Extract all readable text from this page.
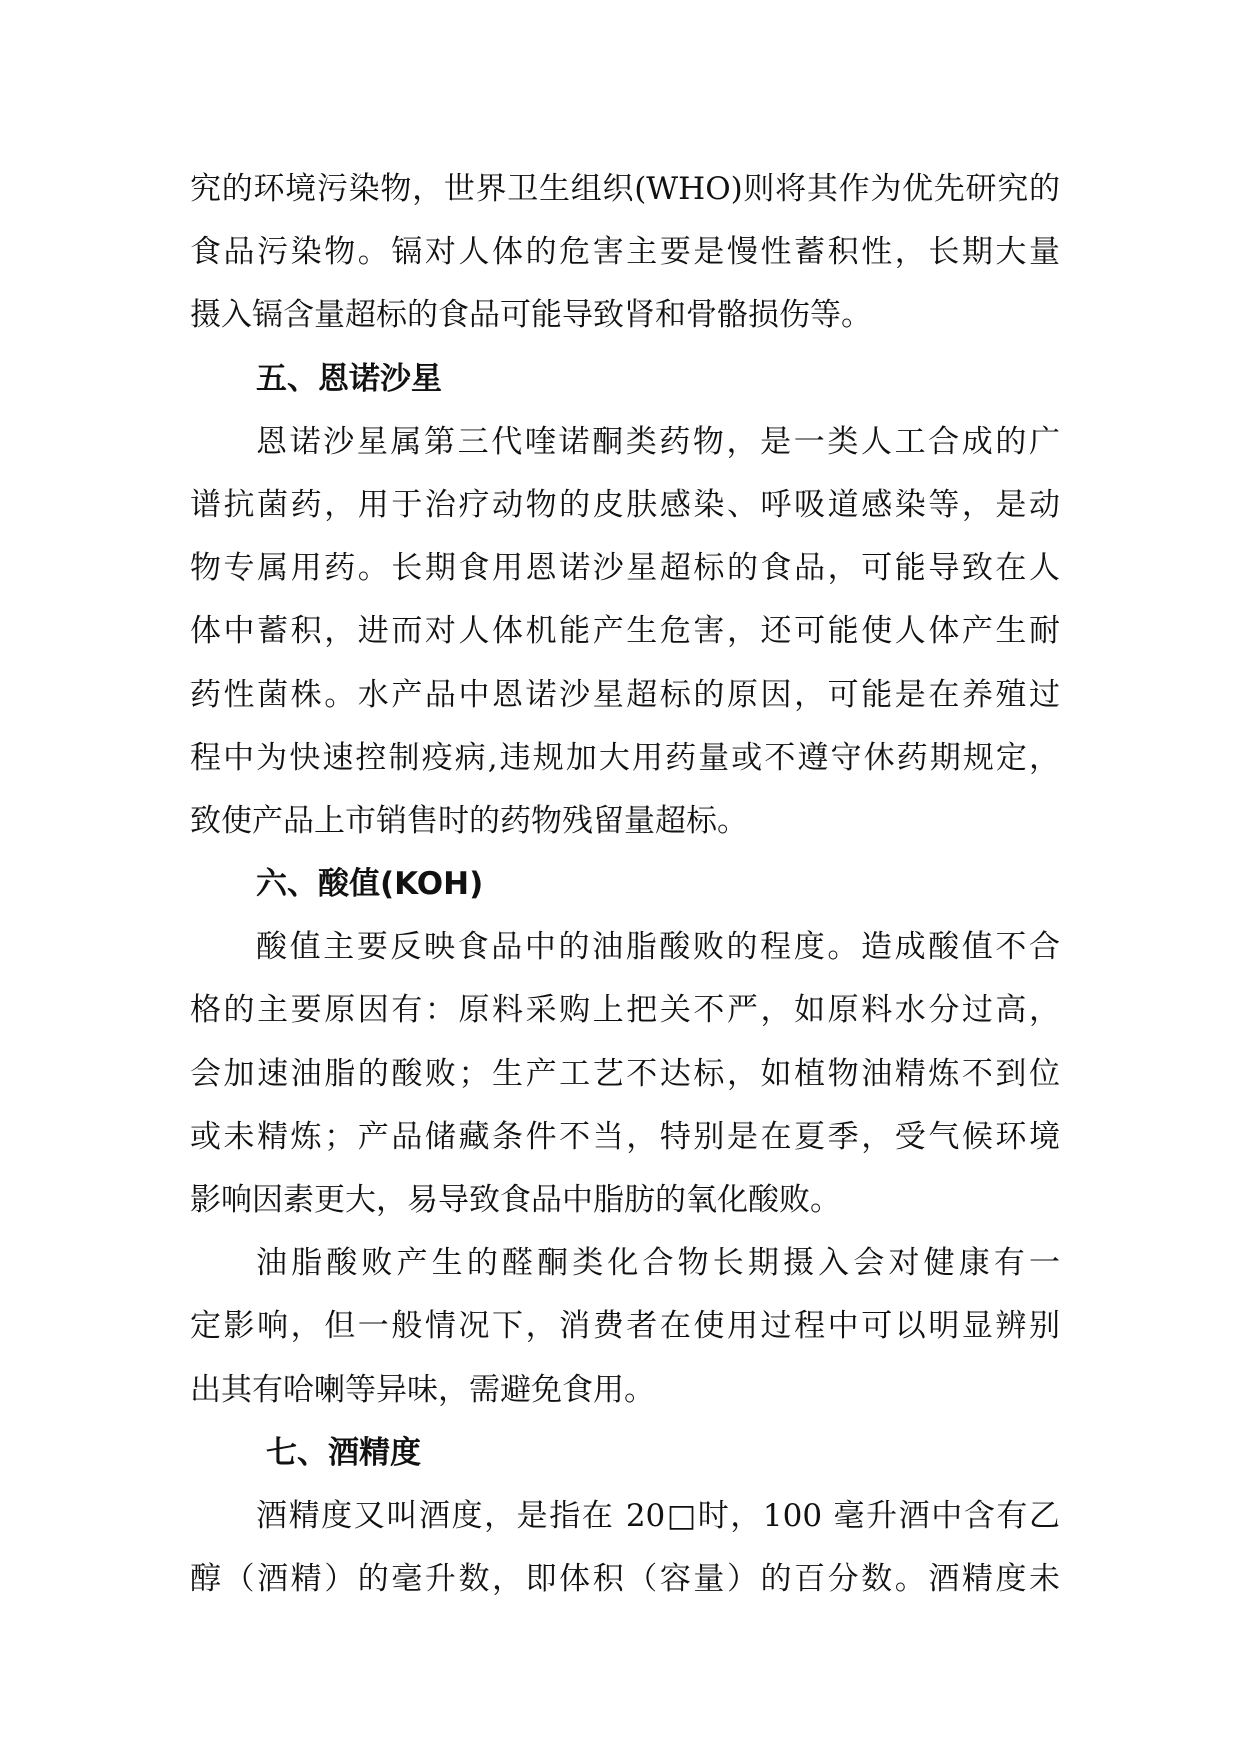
究的环境污染物，世界卫生组织(WHO)则将其作为优先研究的
食品污染物。镉对人体的危害主要是慢性蓄积性，长期大量
摄入镉含量超标的食品可能导致肾和骨骼损伤等。
五、恩诺沙星
恩诺沙星属第三代喹诺酮类药物，是一类人工合成的广
谱抗菌药，用于治疗动物的皮肤感染、呼吸道感染等，是动
物专属用药。长期食用恩诺沙星超标的食品，可能导致在人
体中蓄积，进而对人体机能产生危害，还可能使人体产生耐
药性菌株。水产品中恩诺沙星超标的原因，可能是在养殖过
程中为快速控制疫病,违规加大用药量或不遵守休药期规定，
致使产品上市销售时的药物残留量超标。
六、酸值(KOH)
酸值主要反映食品中的油脂酸败的程度。造成酸值不合
格的主要原因有：原料采购上把关不严，如原料水分过高，
会加速油脂的酸败；生产工艺不达标，如植物油精炼不到位
或未精炼；产品储藏条件不当，特别是在夏季，受气候环境
影响因素更大，易导致食品中脂肪的氧化酸败。
油脂酸败产生的醛酮类化合物长期摄入会对健康有一
定影响，但一般情况下，消费者在使用过程中可以明显辨别
出其有哈喇等异味，需避免食用。
七、酒精度
酒精度又叫酒度，是指在 20□时，100 毫升酒中含有乙
醇（酒精）的毫升数，即体积（容量）的百分数。酒精度未
